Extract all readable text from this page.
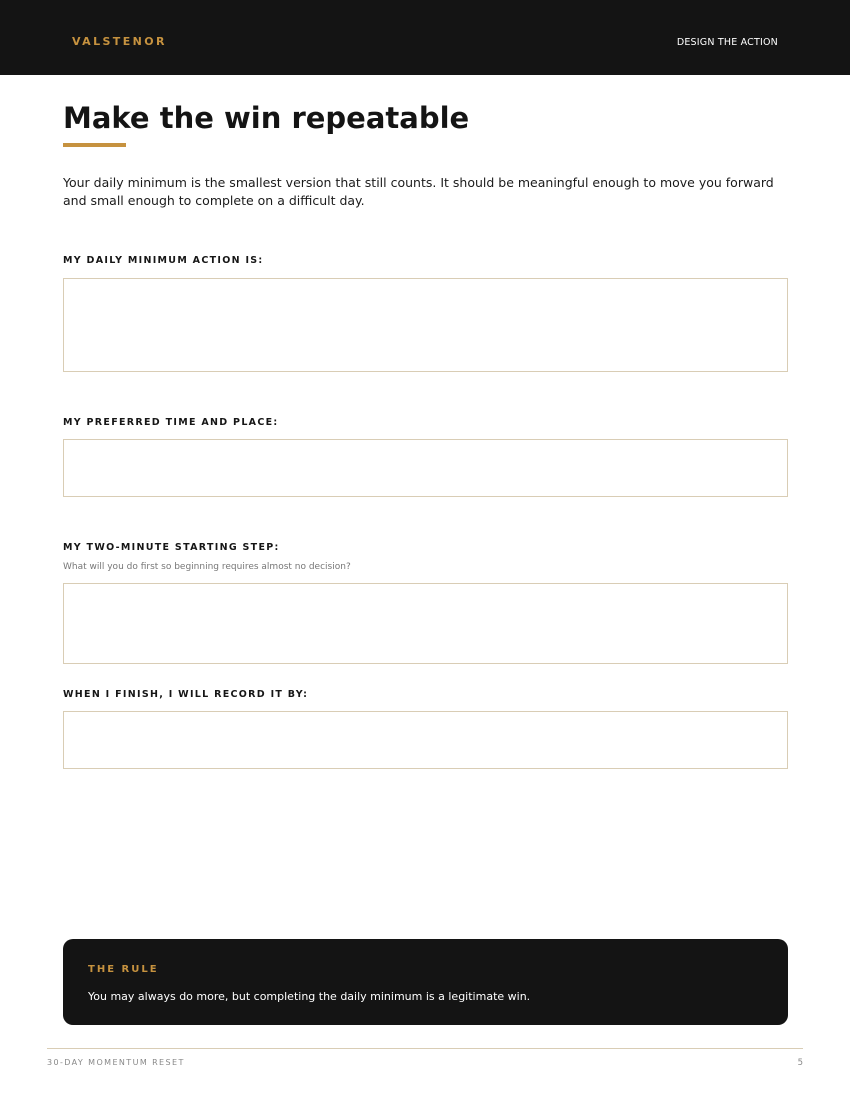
VALSTENOR	DESIGN THE ACTION
Make the win repeatable

Your daily minimum is the smallest version that still counts. It should be meaningful enough to move you forward and small enough to complete on a difficult day.

MY DAILY MINIMUM ACTION IS:
MY PREFERRED TIME AND PLACE:
MY TWO-MINUTE STARTING STEP:
What will you do first so beginning requires almost no decision?
WHEN I FINISH, I WILL RECORD IT BY:
THE RULE
You may always do more, but completing the daily minimum is a legitimate win.
30-DAY MOMENTUM RESET	5
